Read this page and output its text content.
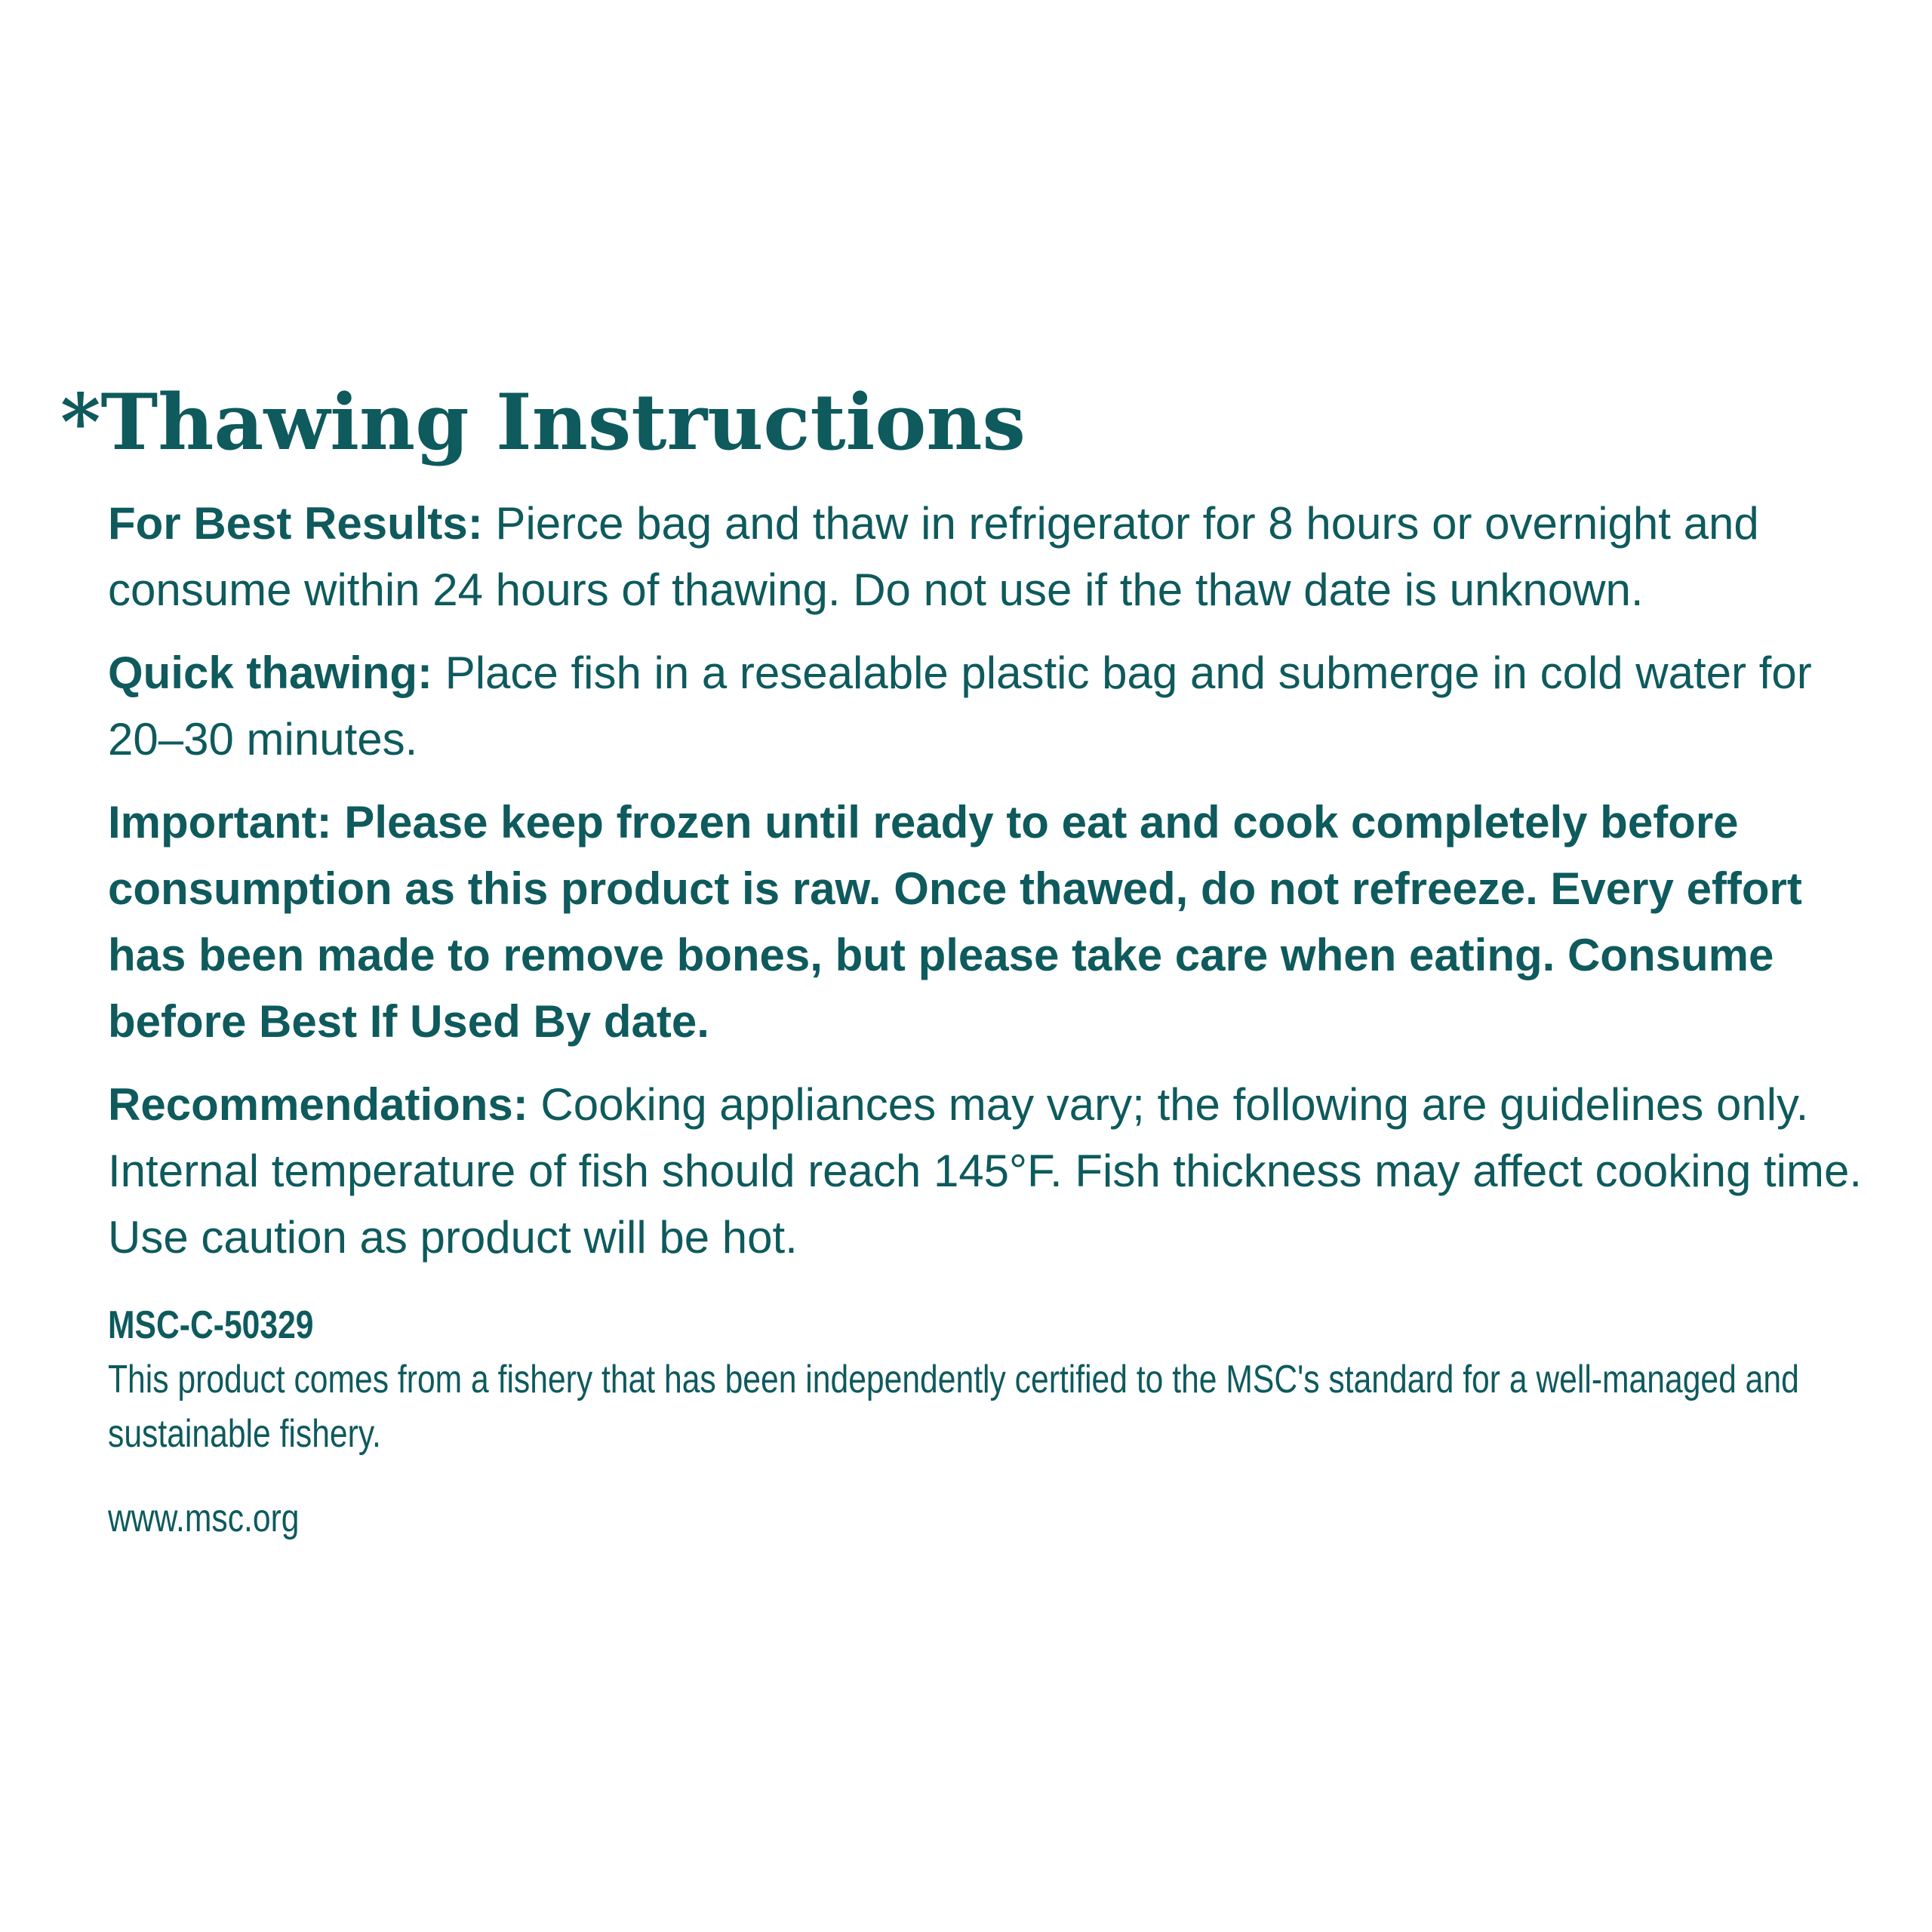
*Thawing Instructions

For Best Results: Pierce bag and thaw in refrigerator for 8 hours or overnight and consume within 24 hours of thawing. Do not use if the thaw date is unknown.

Quick thawing: Place fish in a resealable plastic bag and submerge in cold water for 20–30 minutes.

Important: Please keep frozen until ready to eat and cook completely before consumption as this product is raw. Once thawed, do not refreeze. Every effort has been made to remove bones, but please take care when eating. Consume before Best If Used By date.

Recommendations: Cooking appliances may vary; the following are guidelines only. Internal temperature of fish should reach 145°F. Fish thickness may affect cooking time. Use caution as product will be hot.

MSC-C-50329
This product comes from a fishery that has been independently certified to the MSC's standard for a well-managed and sustainable fishery.
www.msc.org
